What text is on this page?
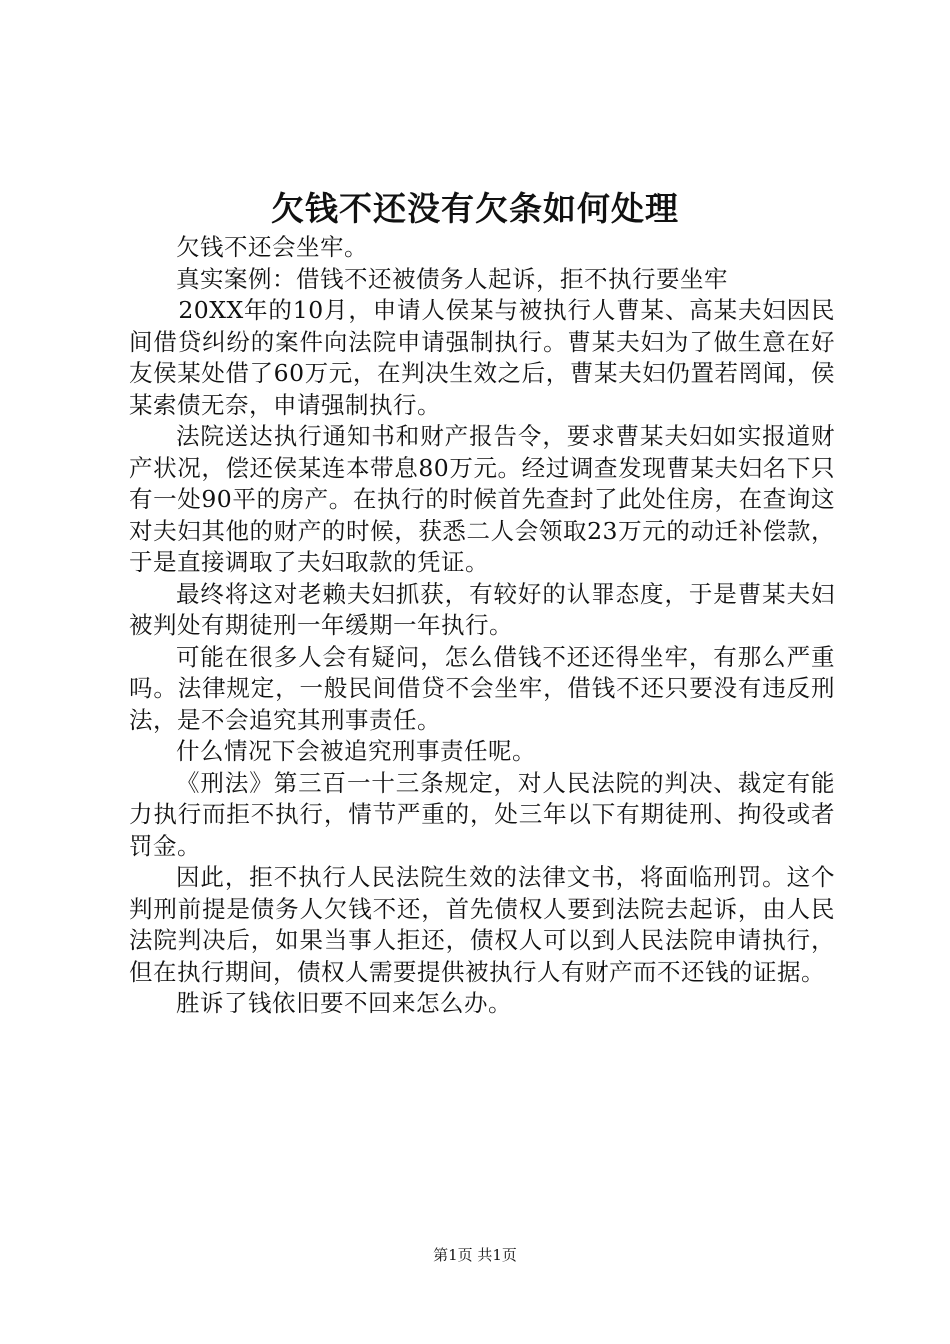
欠钱不还没有欠条如何处理

欠钱不还会坐牢。

真实案例：借钱不还被债务人起诉，拒不执行要坐牢

20XX年的10月，申请人侯某与被执行人曹某、高某夫妇因民间借贷纠纷的案件向法院申请强制执行。曹某夫妇为了做生意在好友侯某处借了60万元，在判决生效之后，曹某夫妇仍置若罔闻，侯某索债无奈，申请强制执行。

法院送达执行通知书和财产报告令，要求曹某夫妇如实报道财产状况，偿还侯某连本带息80万元。经过调查发现曹某夫妇名下只有一处90平的房产。在执行的时候首先查封了此处住房，在查询这对夫妇其他的财产的时候，获悉二人会领取23万元的动迁补偿款，于是直接调取了夫妇取款的凭证。

最终将这对老赖夫妇抓获，有较好的认罪态度，于是曹某夫妇被判处有期徒刑一年缓期一年执行。

可能在很多人会有疑问，怎么借钱不还还得坐牢，有那么严重吗。法律规定，一般民间借贷不会坐牢，借钱不还只要没有违反刑法，是不会追究其刑事责任。

什么情况下会被追究刑事责任呢。

《刑法》第三百一十三条规定，对人民法院的判决、裁定有能力执行而拒不执行，情节严重的，处三年以下有期徒刑、拘役或者罚金。

因此，拒不执行人民法院生效的法律文书，将面临刑罚。这个判刑前提是债务人欠钱不还，首先债权人要到法院去起诉，由人民法院判决后，如果当事人拒还，债权人可以到人民法院申请执行，但在执行期间，债权人需要提供被执行人有财产而不还钱的证据。

胜诉了钱依旧要不回来怎么办。

第1页 共1页
